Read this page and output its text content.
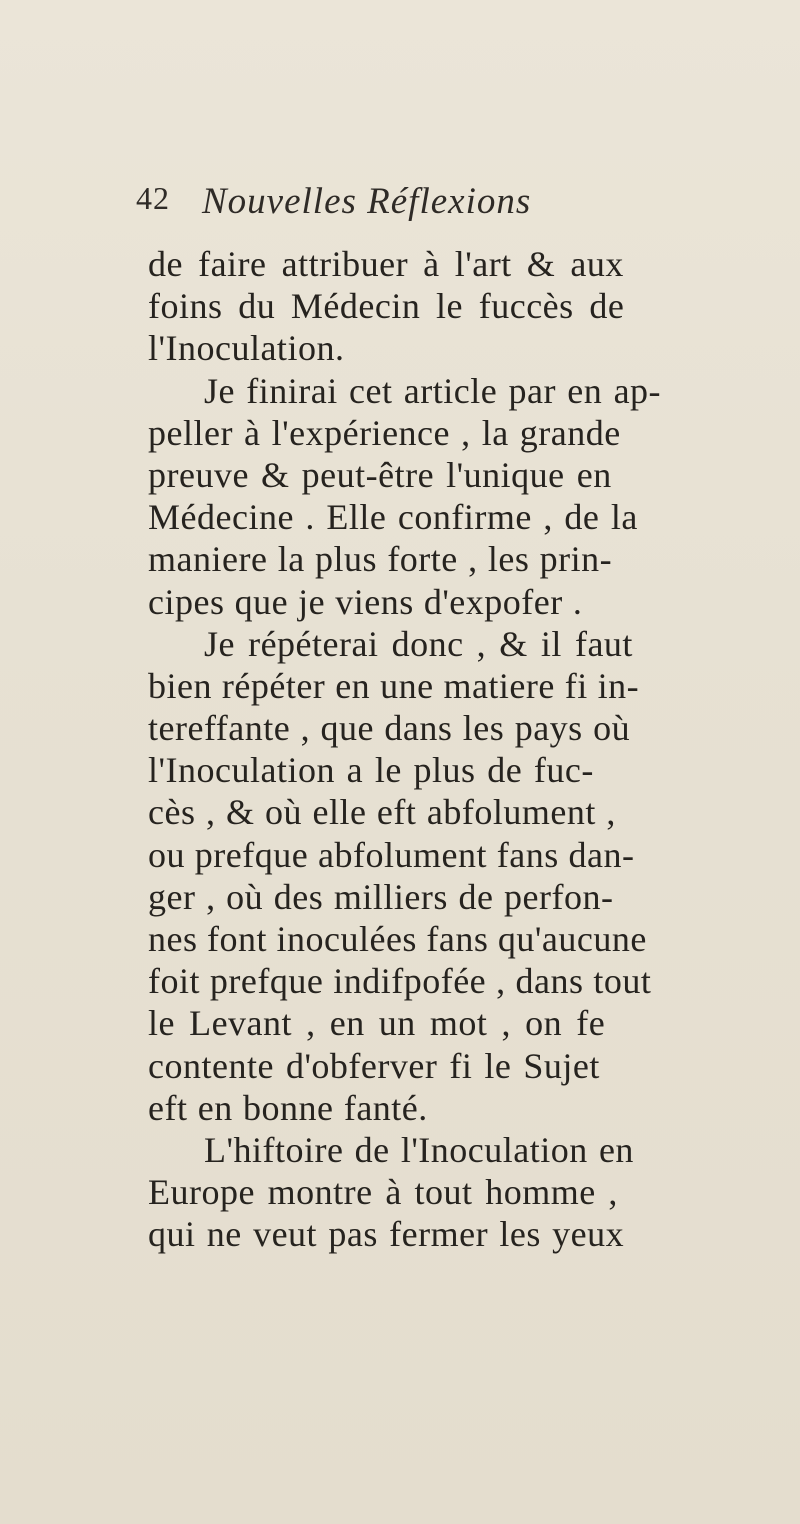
42 Nouvelles Réflexions
de faire attribuer à l'art & aux
foins du Médecin le fuccès de
l'Inoculation.
Je finirai cet article par en ap-
peller à l'expérience , la grande
preuve & peut-être l'unique en
Médecine . Elle confirme , de la
maniere la plus forte , les prin-
cipes que je viens d'expofer .
Je répéterai donc , & il faut
bien répéter en une matiere fi in-
tereffante , que dans les pays où
l'Inoculation a le plus de fuc-
cès , & où elle eft abfolument ,
ou prefque abfolument fans dan-
ger , où des milliers de perfon-
nes font inoculées fans qu'aucune
foit prefque indifpofée , dans tout
le Levant , en un mot , on fe
contente d'obferver fi le Sujet
eft en bonne fanté.
L'hiftoire de l'Inoculation en
Europe montre à tout homme ,
qui ne veut pas fermer les yeux
